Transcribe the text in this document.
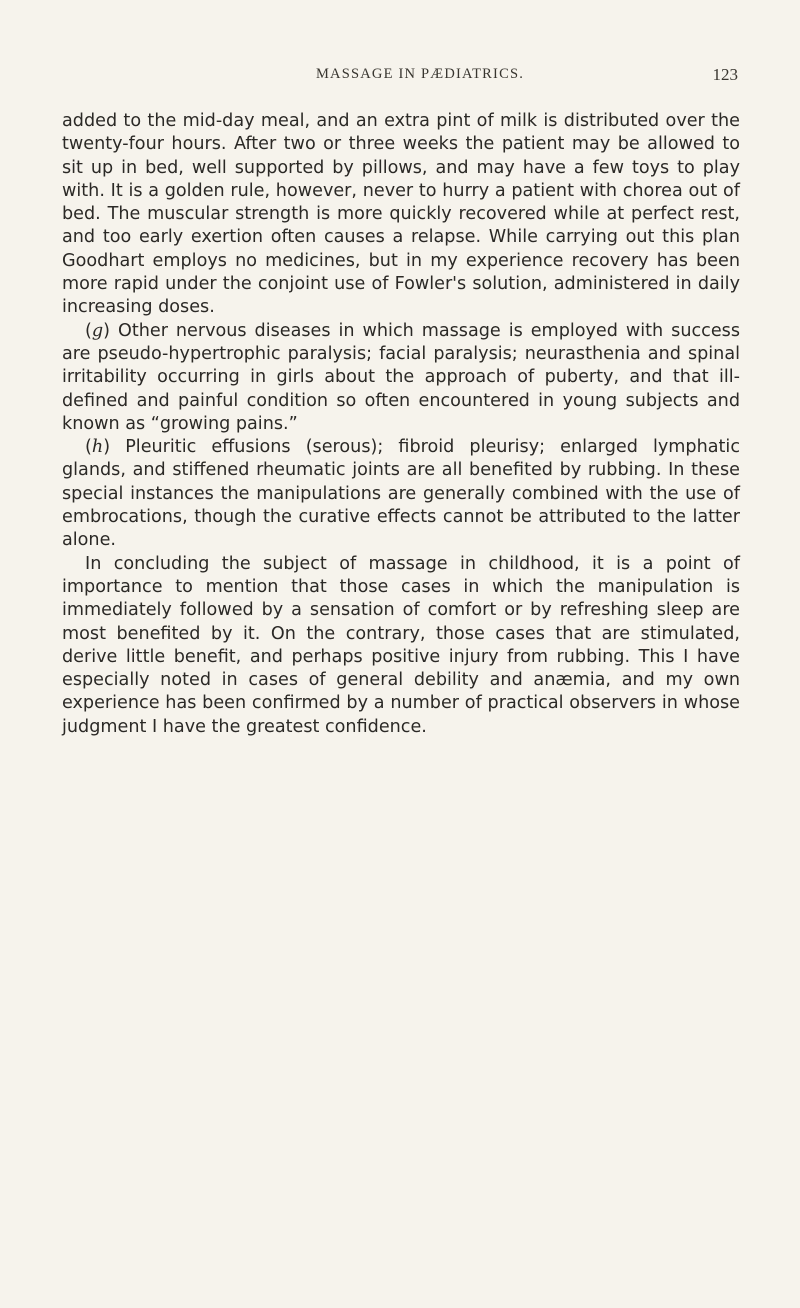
MASSAGE IN PÆDIATRICS.	123

added to the mid-day meal, and an extra pint of milk is distributed over the twenty-four hours. After two or three weeks the patient may be allowed to sit up in bed, well supported by pillows, and may have a few toys to play with. It is a golden rule, however, never to hurry a patient with chorea out of bed. The muscular strength is more quickly recovered while at perfect rest, and too early exertion often causes a relapse. While carrying out this plan Goodhart employs no medicines, but in my experience recovery has been more rapid under the conjoint use of Fowler's solution, administered in daily increasing doses.

(g) Other nervous diseases in which massage is employed with success are pseudo-hypertrophic paralysis; facial paralysis; neurasthenia and spinal irritability occurring in girls about the approach of puberty, and that ill-defined and painful condition so often encountered in young subjects and known as “growing pains.”

(h) Pleuritic effusions (serous); fibroid pleurisy; enlarged lymphatic glands, and stiffened rheumatic joints are all benefited by rubbing. In these special instances the manipulations are generally combined with the use of embrocations, though the curative effects cannot be attributed to the latter alone.

In concluding the subject of massage in childhood, it is a point of importance to mention that those cases in which the manipulation is immediately followed by a sensation of comfort or by refreshing sleep are most benefited by it. On the contrary, those cases that are stimulated, derive little benefit, and perhaps positive injury from rubbing. This I have especially noted in cases of general debility and anæmia, and my own experience has been confirmed by a number of practical observers in whose judgment I have the greatest confidence.
